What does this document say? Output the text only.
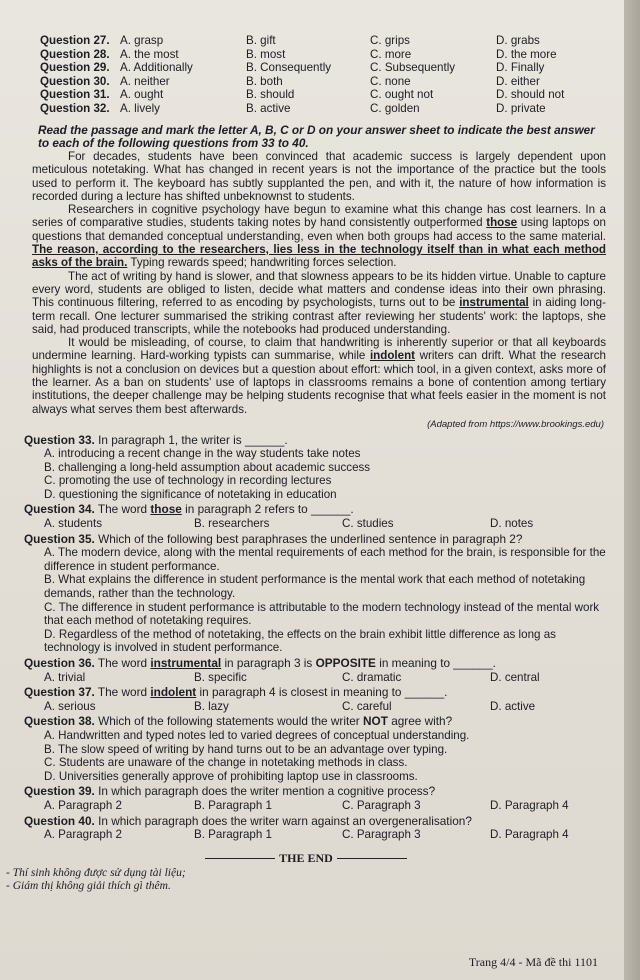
Question 27. A. grasp	B. gift	C. grips	D. grabs
Question 28. A. the most	B. most	C. more	D. the more
Question 29. A. Additionally	B. Consequently	C. Subsequently	D. Finally
Question 30. A. neither	B. both	C. none	D. either
Question 31. A. ought	B. should	C. ought not	D. should not
Question 32. A. lively	B. active	C. golden	D. private
Read the passage and mark the letter A, B, C or D on your answer sheet to indicate the best answer to each of the following questions from 33 to 40.

For decades, students have been convinced that academic success is largely dependent upon meticulous notetaking. What has changed in recent years is not the importance of the practice but the tools used to perform it. The keyboard has subtly supplanted the pen, and with it, the nature of how information is recorded during a lecture has shifted unbeknownst to students.

Researchers in cognitive psychology have begun to examine what this change has cost learners. In a series of comparative studies, students taking notes by hand consistently outperformed those using laptops on questions that demanded conceptual understanding, even when both groups had access to the same material. The reason, according to the researchers, lies less in the technology itself than in what each method asks of the brain. Typing rewards speed; handwriting forces selection.

The act of writing by hand is slower, and that slowness appears to be its hidden virtue. Unable to capture every word, students are obliged to listen, decide what matters and condense ideas into their own phrasing. This continuous filtering, referred to as encoding by psychologists, turns out to be instrumental in aiding long-term recall. One lecturer summarised the striking contrast after reviewing her students' work: the laptops, she said, had produced transcripts, while the notebooks had produced understanding.

It would be misleading, of course, to claim that handwriting is inherently superior or that all keyboards undermine learning. Hard-working typists can summarise, while indolent writers can drift. What the research highlights is not a conclusion on devices but a question about effort: which tool, in a given context, asks more of the learner. As a ban on students' use of laptops in classrooms remains a bone of contention among tertiary institutions, the deeper challenge may be helping students recognise that what feels easier in the moment is not always what serves them best afterwards.

(Adapted from https://www.brookings.edu)
Question 33. In paragraph 1, the writer is ______.
A. introducing a recent change in the way students take notes
B. challenging a long-held assumption about academic success
C. promoting the use of technology in recording lectures
D. questioning the significance of notetaking in education
Question 34. The word those in paragraph 2 refers to ______.
A. students	B. researchers	C. studies	D. notes
Question 35. Which of the following best paraphrases the underlined sentence in paragraph 2?
A. The modern device, along with the mental requirements of each method for the brain, is responsible for the difference in student performance.
B. What explains the difference in student performance is the mental work that each method of notetaking demands, rather than the technology.
C. The difference in student performance is attributable to the modern technology instead of the mental work that each method of notetaking requires.
D. Regardless of the method of notetaking, the effects on the brain exhibit little difference as long as technology is involved in student performance.
Question 36. The word instrumental in paragraph 3 is OPPOSITE in meaning to ______.
A. trivial	B. specific	C. dramatic	D. central
Question 37. The word indolent in paragraph 4 is closest in meaning to ______.
A. serious	B. lazy	C. careful	D. active
Question 38. Which of the following statements would the writer NOT agree with?
A. Handwritten and typed notes led to varied degrees of conceptual understanding.
B. The slow speed of writing by hand turns out to be an advantage over typing.
C. Students are unaware of the change in notetaking methods in class.
D. Universities generally approve of prohibiting laptop use in classrooms.
Question 39. In which paragraph does the writer mention a cognitive process?
A. Paragraph 2	B. Paragraph 1	C. Paragraph 3	D. Paragraph 4
Question 40. In which paragraph does the writer warn against an overgeneralisation?
A. Paragraph 2	B. Paragraph 1	C. Paragraph 3	D. Paragraph 4
THE END
- Thí sinh không được sử dụng tài liệu;
- Giám thị không giải thích gì thêm.
Trang 4/4 - Mã đề thi 1101
